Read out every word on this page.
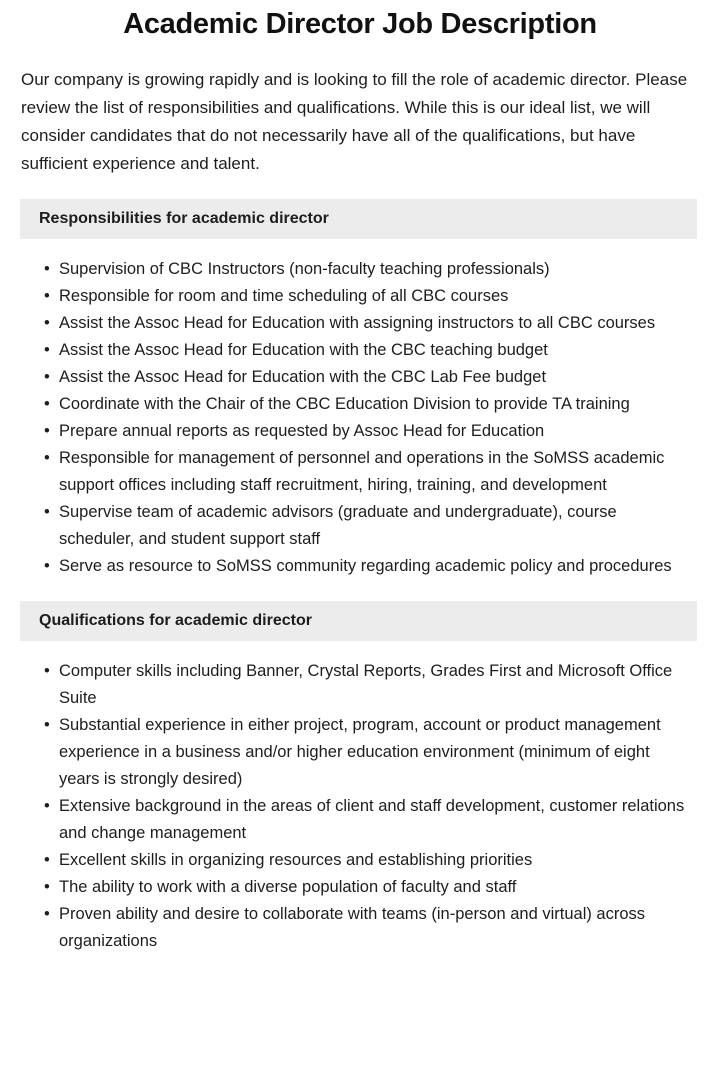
Academic Director Job Description

Our company is growing rapidly and is looking to fill the role of academic director. Please review the list of responsibilities and qualifications. While this is our ideal list, we will consider candidates that do not necessarily have all of the qualifications, but have sufficient experience and talent.

Responsibilities for academic director
• Supervision of CBC Instructors (non-faculty teaching professionals)
• Responsible for room and time scheduling of all CBC courses
• Assist the Assoc Head for Education with assigning instructors to all CBC courses
• Assist the Assoc Head for Education with the CBC teaching budget
• Assist the Assoc Head for Education with the CBC Lab Fee budget
• Coordinate with the Chair of the CBC Education Division to provide TA training
• Prepare annual reports as requested by Assoc Head for Education
• Responsible for management of personnel and operations in the SoMSS academic support offices including staff recruitment, hiring, training, and development
• Supervise team of academic advisors (graduate and undergraduate), course scheduler, and student support staff
• Serve as resource to SoMSS community regarding academic policy and procedures
Qualifications for academic director
• Computer skills including Banner, Crystal Reports, Grades First and Microsoft Office Suite
• Substantial experience in either project, program, account or product management experience in a business and/or higher education environment (minimum of eight years is strongly desired)
• Extensive background in the areas of client and staff development, customer relations and change management
• Excellent skills in organizing resources and establishing priorities
• The ability to work with a diverse population of faculty and staff
• Proven ability and desire to collaborate with teams (in-person and virtual) across organizations
